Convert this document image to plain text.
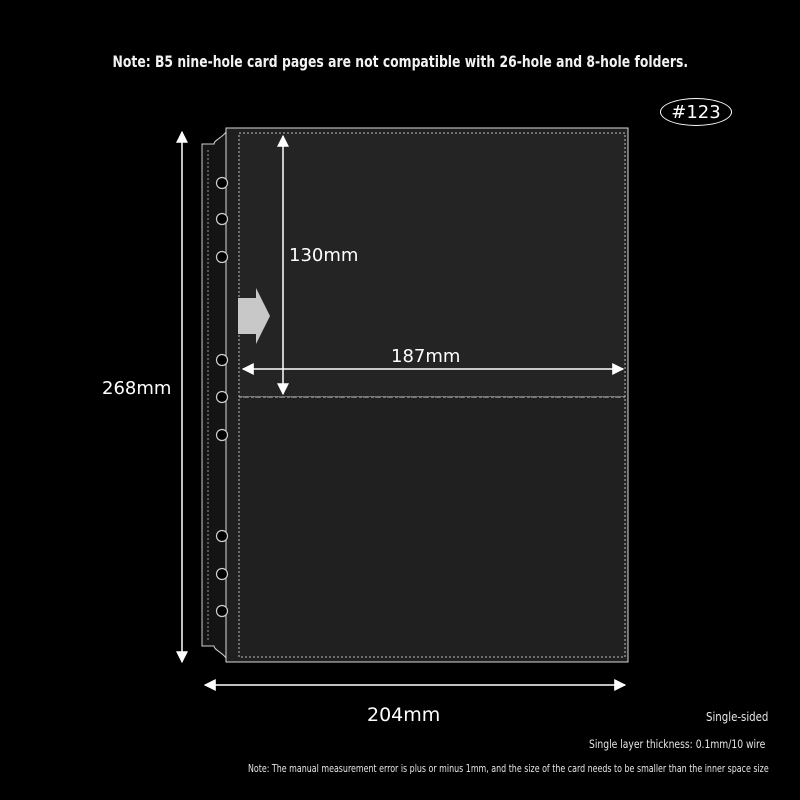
Note: B5 nine-hole card pages are not compatible with 26-hole and 8-hole folders.
#123
268mm
204mm
130mm
187mm
Single-sided
Single layer thickness: 0.1mm/10 wire
Note: The manual measurement error is plus or minus 1mm, and the size of the card needs to be smaller than the inner space size
